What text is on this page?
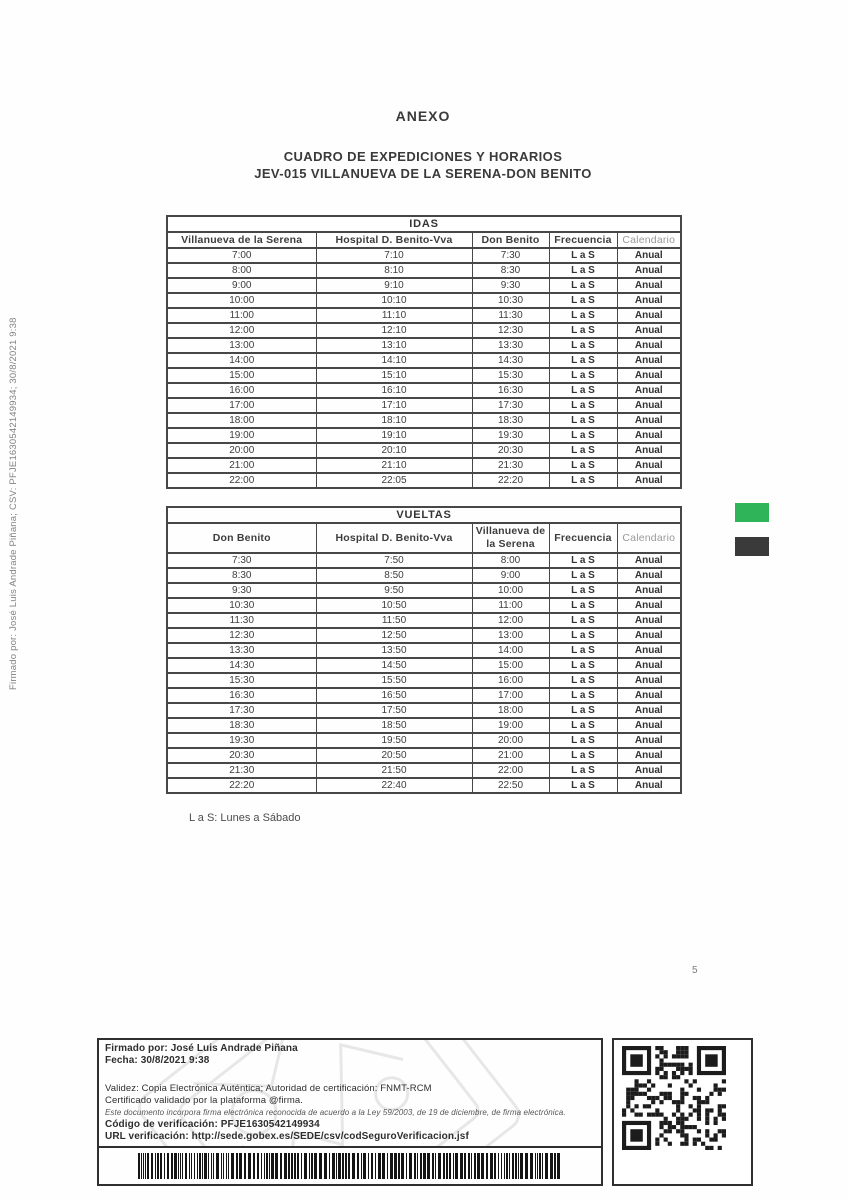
Firmado por: José Luis Andrade Piñana; CSV: PFJE1630542149934; 30/8/2021 9:38
ANEXO
CUADRO DE EXPEDICIONES Y HORARIOS
JEV-015 VILLANUEVA DE LA SERENA-DON BENITO
IDAS				
Villanueva de la Serena	Hospital D. Benito-Vva	Don Benito	Frecuencia	Calendario
7:00	7:10	7:30	L a S	Anual
8:00	8:10	8:30	L a S	Anual
9:00	9:10	9:30	L a S	Anual
10:00	10:10	10:30	L a S	Anual
11:00	11:10	11:30	L a S	Anual
12:00	12:10	12:30	L a S	Anual
13:00	13:10	13:30	L a S	Anual
14:00	14:10	14:30	L a S	Anual
15:00	15:10	15:30	L a S	Anual
16:00	16:10	16:30	L a S	Anual
17:00	17:10	17:30	L a S	Anual
18:00	18:10	18:30	L a S	Anual
19:00	19:10	19:30	L a S	Anual
20:00	20:10	20:30	L a S	Anual
21:00	21:10	21:30	L a S	Anual
22:00	22:05	22:20	L a S	Anual
VUELTAS				
Don Benito	Hospital D. Benito-Vva	Villanueva de la Serena	Frecuencia	Calendario
7:30	7:50	8:00	L a S	Anual
8:30	8:50	9:00	L a S	Anual
9:30	9:50	10:00	L a S	Anual
10:30	10:50	11:00	L a S	Anual
11:30	11:50	12:00	L a S	Anual
12:30	12:50	13:00	L a S	Anual
13:30	13:50	14:00	L a S	Anual
14:30	14:50	15:00	L a S	Anual
15:30	15:50	16:00	L a S	Anual
16:30	16:50	17:00	L a S	Anual
17:30	17:50	18:00	L a S	Anual
18:30	18:50	19:00	L a S	Anual
19:30	19:50	20:00	L a S	Anual
20:30	20:50	21:00	L a S	Anual
21:30	21:50	22:00	L a S	Anual
22:20	22:40	22:50	L a S	Anual
L a S: Lunes a Sábado
5
Firmado por: José Luis Andrade Piñana
Fecha: 30/8/2021 9:38
Validez: Copia Electrónica Auténtica; Autoridad de certificación: FNMT-RCM
Certificado validado por la plataforma @firma.
Este documento incorpora firma electrónica reconocida de acuerdo a la Ley 59/2003, de 19 de diciembre, de firma electrónica.
Código de verificación: PFJE1630542149934
URL verificación: http://sede.gobex.es/SEDE/csv/codSeguroVerificacion.jsf
